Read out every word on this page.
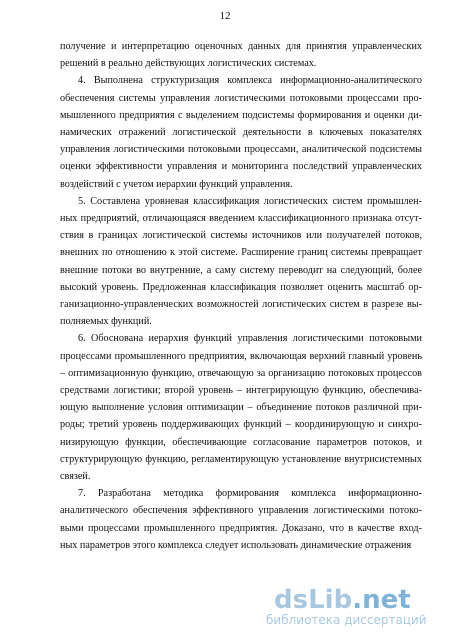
12

получение и интерпретацию оценочных данных для принятия управленческих
решений в реально действующих логистических системах.

4. Выполнена структуризация комплекса информационно-аналитического
обеспечения системы управления логистическими потоковыми процессами про-
мышленного предприятия с выделением подсистемы формирования и оценки ди-
намических отражений логистической деятельности в ключевых показателях
управления логистическими потоковыми процессами, аналитической подсистемы
оценки эффективности управления и мониторинга последствий управленческих
воздействий с учетом иерархии функций управления.

5. Составлена уровневая классификация логистических систем промышлен-
ных предприятий, отличающаяся введением классификационного признака отсут-
ствия в границах логистической системы источников или получателей потоков,
внешних по отношению к этой системе. Расширение границ системы превращает
внешние потоки во внутренние, а саму систему переводит на следующий, более
высокий уровень. Предложенная классификация позволяет оценить масштаб ор-
ганизационно-управленческих возможностей логистических систем в разрезе вы-
полняемых функций.

6. Обоснована иерархия функций управления логистическими потоковыми
процессами промышленного предприятия, включающая верхний главный уровень
– оптимизационную функцию, отвечающую за организацию потоковых процессов
средствами логистики; второй уровень – интегрирующую функцию, обеспечива-
ющую выполнение условия оптимизации – объединение потоков различной при-
роды; третий уровень поддерживающих функций – координирующую и синхро-
низирующую функции, обеспечивающие согласование параметров потоков, и
структурирующую функцию, регламентирующую установление внутрисистемных
связей.

7. Разработана методика формирования комплекса информационно-
аналитического обеспечения эффективного управления логистическими потоко-
выми процессами промышленного предприятия. Доказано, что в качестве вход-
ных параметров этого комплекса следует использовать динамические отражения

dsLib.net
библиотека диссертаций
